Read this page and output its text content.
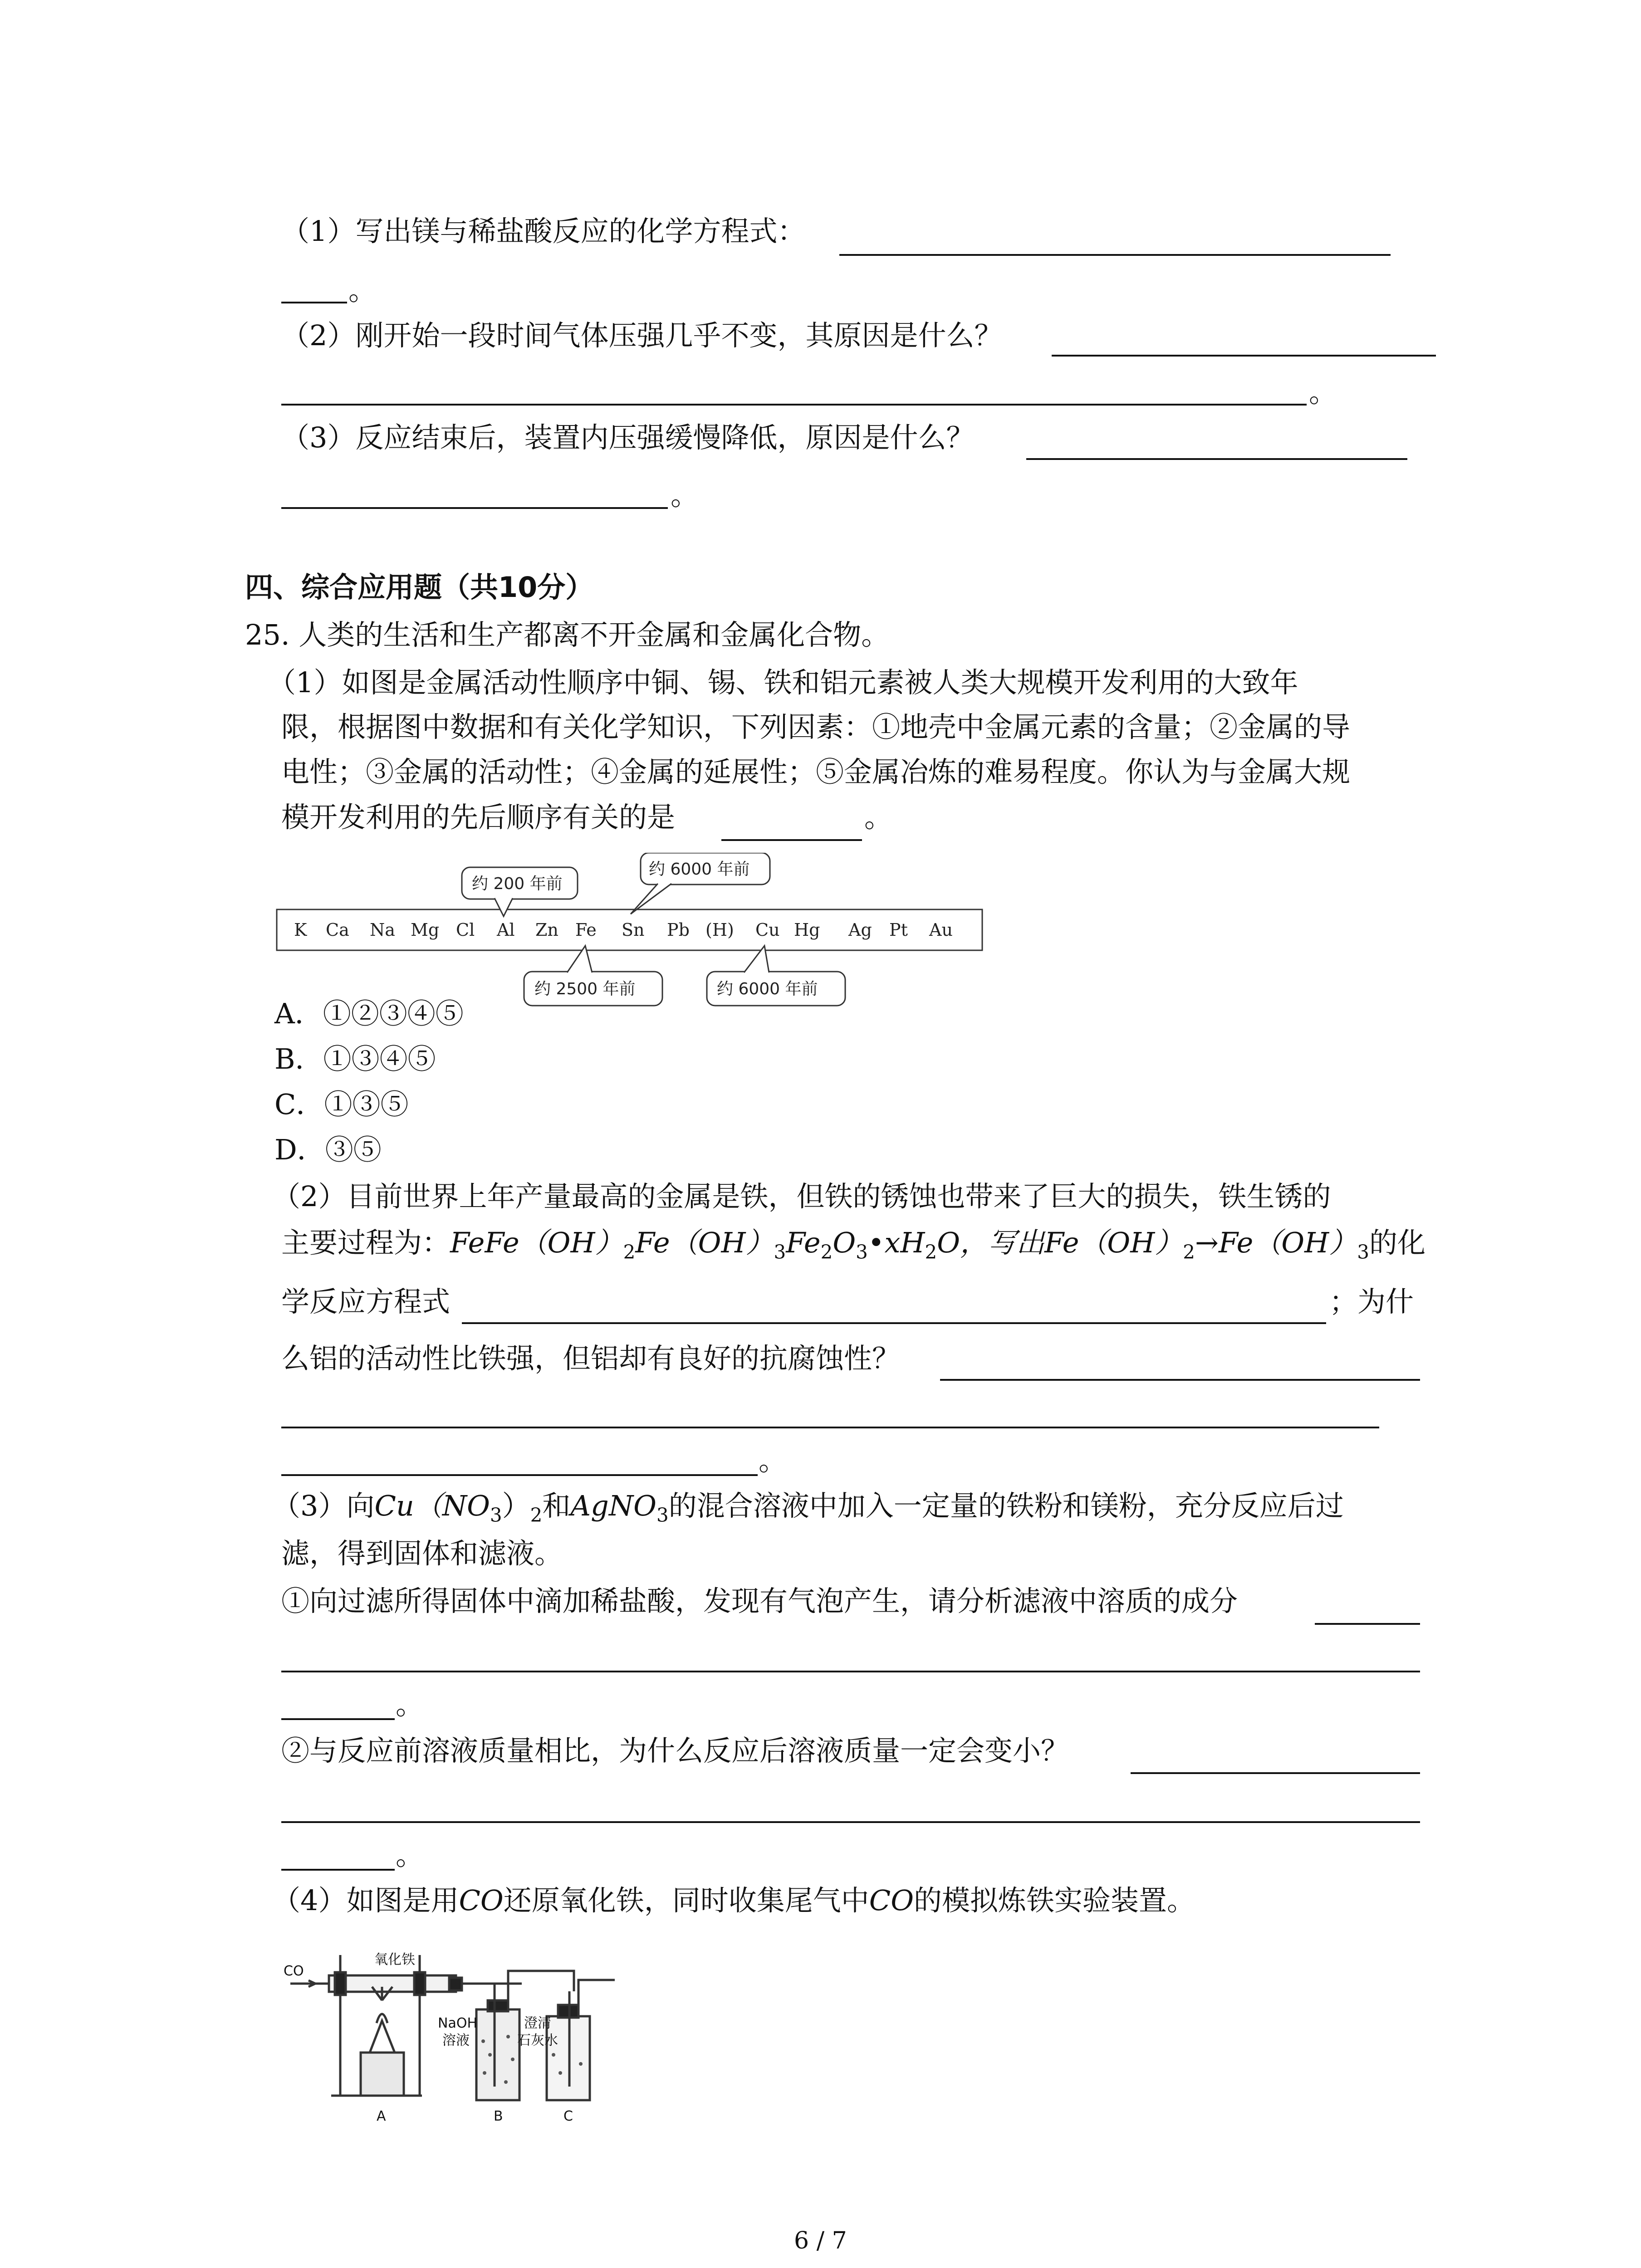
（1）写出镁与稀盐酸反应的化学方程式：
。
（2）刚开始一段时间气体压强几乎不变，其原因是什么？
。
（3）反应结束后，装置内压强缓慢降低，原因是什么？
。
四、综合应用题（共10分）
25. 人类的生活和生产都离不开金属和金属化合物。
（1）如图是金属活动性顺序中铜、锡、铁和铝元素被人类大规模开发利用的大致年
限，根据图中数据和有关化学知识，下列因素：①地壳中金属元素的含量；②金属的导
电性；③金属的活动性；④金属的延展性；⑤金属冶炼的难易程度。你认为与金属大规
模开发利用的先后顺序有关的是	。
K Ca Na Mg Cl Al Zn Fe Sn Pb (H) Cu Hg Ag Pt Au
约 200 年前
约 6000 年前
约 2500 年前	约 6000 年前
A．①②③④⑤
B．①③④⑤
C．①③⑤
D．③⑤
（2）目前世界上年产量最高的金属是铁，但铁的锈蚀也带来了巨大的损失，铁生锈的
主要过程为：$FeFe(OH)_2Fe(OH)_3Fe_2O_3•xH_2O$，写出$Fe(OH)_2\to Fe(OH)_3$的化
学反应方程式	；为什
么铝的活动性比铁强，但铝却有良好的抗腐蚀性？
。
（3）向$Cu(NO_3)_2$和AgNO$_3$的混合溶液中加入一定量的铁粉和镁粉，充分反应后过
滤，得到固体和滤液。
①向过滤所得固体中滴加稀盐酸，发现有气泡产生，请分析滤液中溶质的成分
。
②与反应前溶液质量相比，为什么反应后溶液质量一定会变小？
。
（4）如图是用CO还原氧化铁，同时收集尾气中CO的模拟炼铁实验装置。
CO
氧化铁
NaOH
溶液
澄清
石灰水
A	B	C
6 / 7
